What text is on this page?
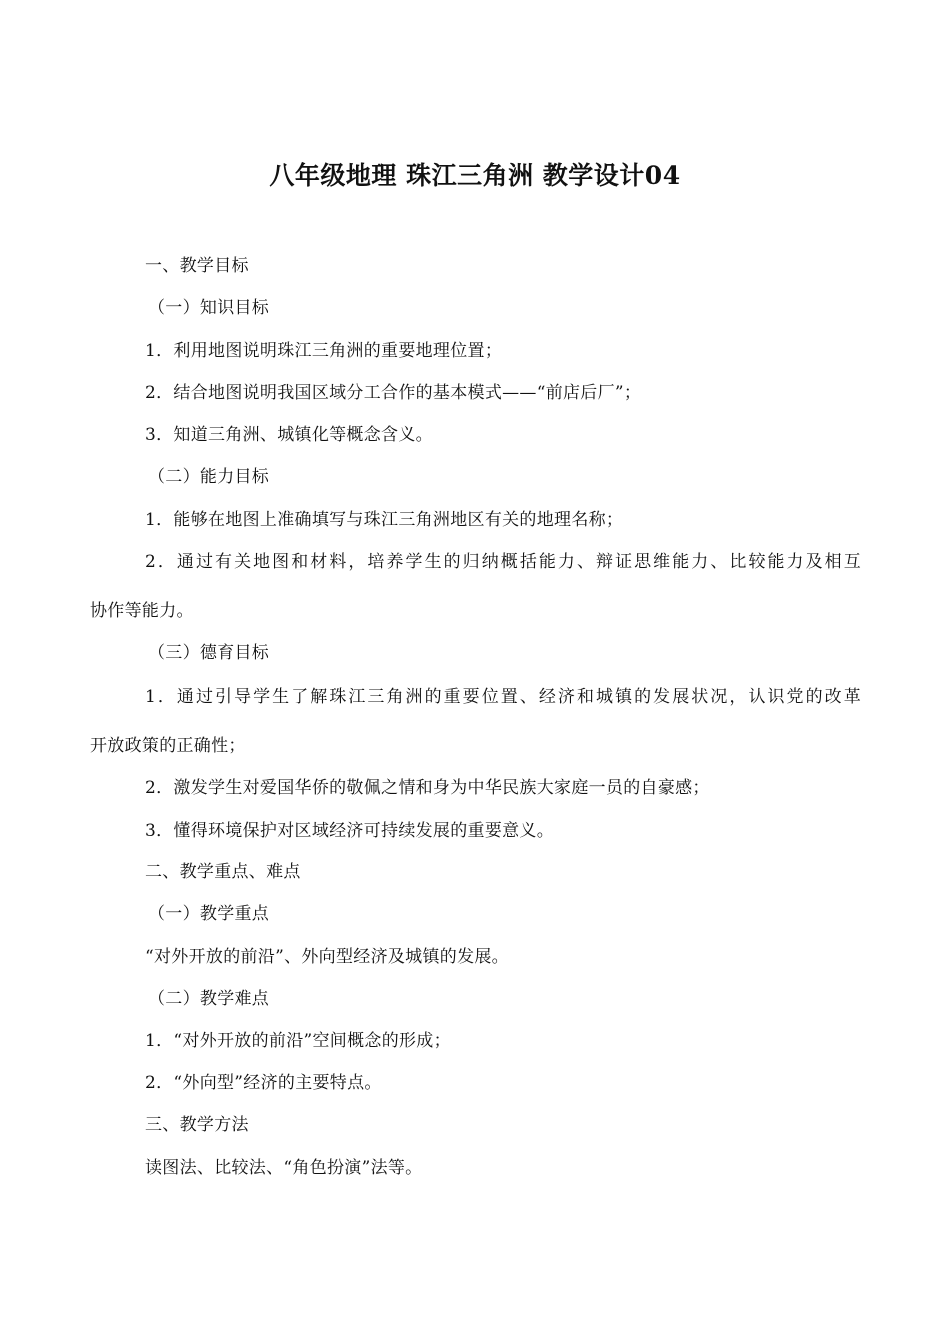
八年级地理 珠江三角洲 教学设计04
一、教学目标
（一）知识目标
1．利用地图说明珠江三角洲的重要地理位置；
2．结合地图说明我国区域分工合作的基本模式——“前店后厂”；
3．知道三角洲、城镇化等概念含义。
（二）能力目标
1．能够在地图上准确填写与珠江三角洲地区有关的地理名称；
2．通过有关地图和材料，培养学生的归纳概括能力、辩证思维能力、比较能力及相互
协作等能力。
（三）德育目标
1．通过引导学生了解珠江三角洲的重要位置、经济和城镇的发展状况，认识党的改革
开放政策的正确性；
2．激发学生对爱国华侨的敬佩之情和身为中华民族大家庭一员的自豪感；
3．懂得环境保护对区域经济可持续发展的重要意义。
二、教学重点、难点
（一）教学重点
“对外开放的前沿”、外向型经济及城镇的发展。
（二）教学难点
1．“对外开放的前沿”空间概念的形成；
2．“外向型”经济的主要特点。
三、教学方法
读图法、比较法、“角色扮演”法等。
